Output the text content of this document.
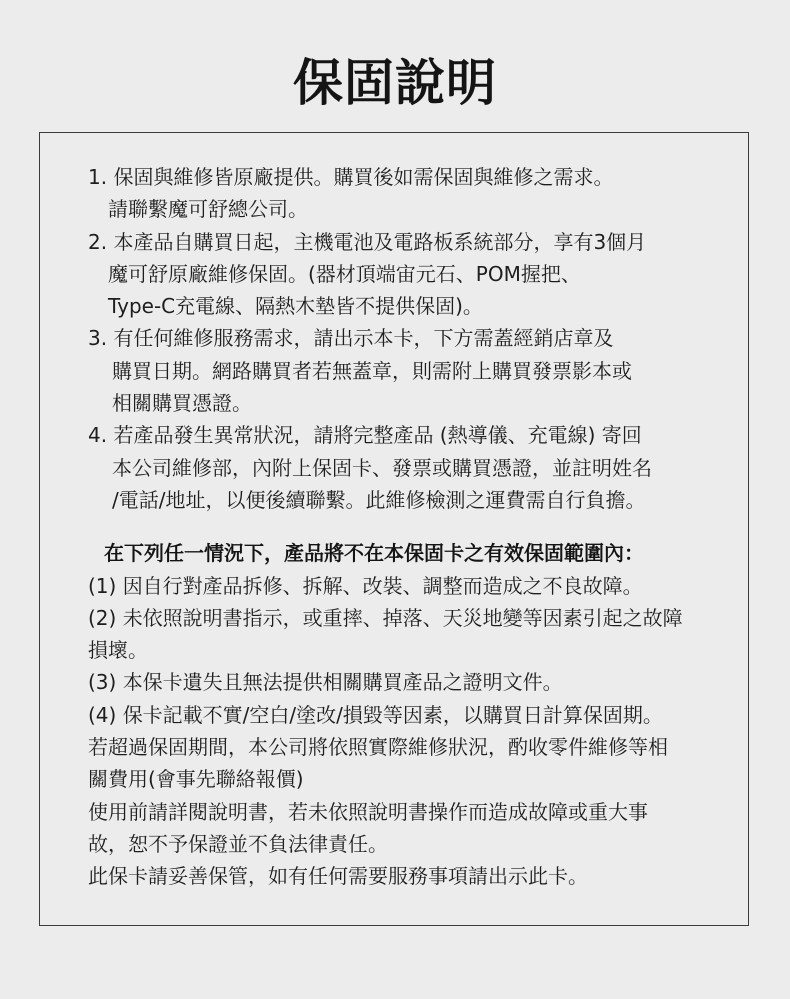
保固說明
1. 保固與維修皆原廠提供。購買後如需保固與維修之需求。
請聯繫魔可舒總公司。
2. 本產品自購買日起，主機電池及電路板系統部分，享有3個月
魔可舒原廠維修保固。(器材頂端宙元石、POM握把、
Type-C充電線、隔熱木墊皆不提供保固)。
3. 有任何維修服務需求，請出示本卡，下方需蓋經銷店章及
購買日期。網路購買者若無蓋章，則需附上購買發票影本或
相關購買憑證。
4. 若產品發生異常狀況，請將完整產品 (熱導儀、充電線) 寄回
本公司維修部，內附上保固卡、發票或購買憑證，並註明姓名
/電話/地址，以便後續聯繫。此維修檢測之運費需自行負擔。
在下列任一情況下，產品將不在本保固卡之有效保固範圍內：
(1) 因自行對產品拆修、拆解、改裝、調整而造成之不良故障。
(2) 未依照說明書指示，或重摔、掉落、天災地變等因素引起之故障
損壞。
(3) 本保卡遺失且無法提供相關購買產品之證明文件。
(4) 保卡記載不實/空白/塗改/損毀等因素，以購買日計算保固期。
若超過保固期間，本公司將依照實際維修狀況，酌收零件維修等相
關費用(會事先聯絡報價)
使用前請詳閱說明書，若未依照說明書操作而造成故障或重大事
故，恕不予保證並不負法律責任。
此保卡請妥善保管，如有任何需要服務事項請出示此卡。
